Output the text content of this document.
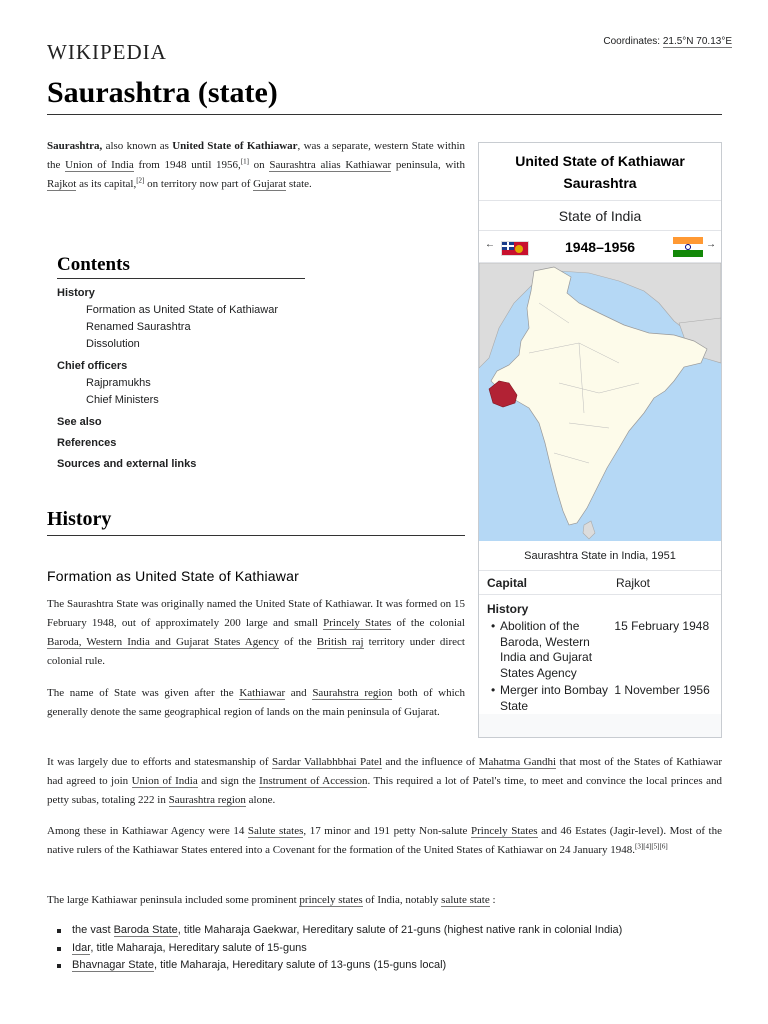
WIKIPEDIA	Coordinates: 21.5°N 70.13°E
Saurashtra (state)

Saurashtra, also known as United State of Kathiawar, was a separate, western State within the Union of India from 1948 until 1956,[1] on Saurashtra alias Kathiawar peninsula, with Rajkot as its capital,[2] on territory now part of Gujarat state.

Contents
History
Formation as United State of Kathiawar
Renamed Saurashtra
Dissolution
Chief officers
Rajpramukhs
Chief Ministers
See also
References
Sources and external links
History
Formation as United State of Kathiawar

The Saurashtra State was originally named the United State of Kathiawar. It was formed on 15 February 1948, out of approximately 200 large and small Princely States of the colonial Baroda, Western India and Gujarat States Agency of the British raj territory under direct colonial rule.

The name of State was given after the Kathiawar and Saurahstra region both of which generally denote the same geographical region of lands on the main peninsula of Gujarat.

It was largely due to efforts and statesmanship of Sardar Vallabhbhai Patel and the influence of Mahatma Gandhi that most of the States of Kathiawar had agreed to join Union of India and sign the Instrument of Accession. This required a lot of Patel's time, to meet and convince the local princes and petty subas, totaling 222 in Saurashtra region alone.

Among these in Kathiawar Agency were 14 Salute states, 17 minor and 191 petty Non-salute Princely States and 46 Estates (Jagir-level). Most of the native rulers of the Kathiawar States entered into a Covenant for the formation of the United States of Kathiawar on 24 January 1948.[3][4][5][6]

The large Kathiawar peninsula included some prominent princely states of India, notably salute state :

the vast Baroda State, title Maharaja Gaekwar, Hereditary salute of 21-guns (highest native rank in colonial India)
Idar, title Maharaja, Hereditary salute of 15-guns
Bhavnagar State, title Maharaja, Hereditary salute of 13-guns (15-guns local)
United State of Kathiawar
Saurashtra
State of India
←	1948–1956	→
Saurashtra State in India, 1951
Capital	Rajkot
History
• Abolition of the Baroda, Western India and Gujarat States Agency
15 February 1948
• Merger into Bombay State
1 November 1956
